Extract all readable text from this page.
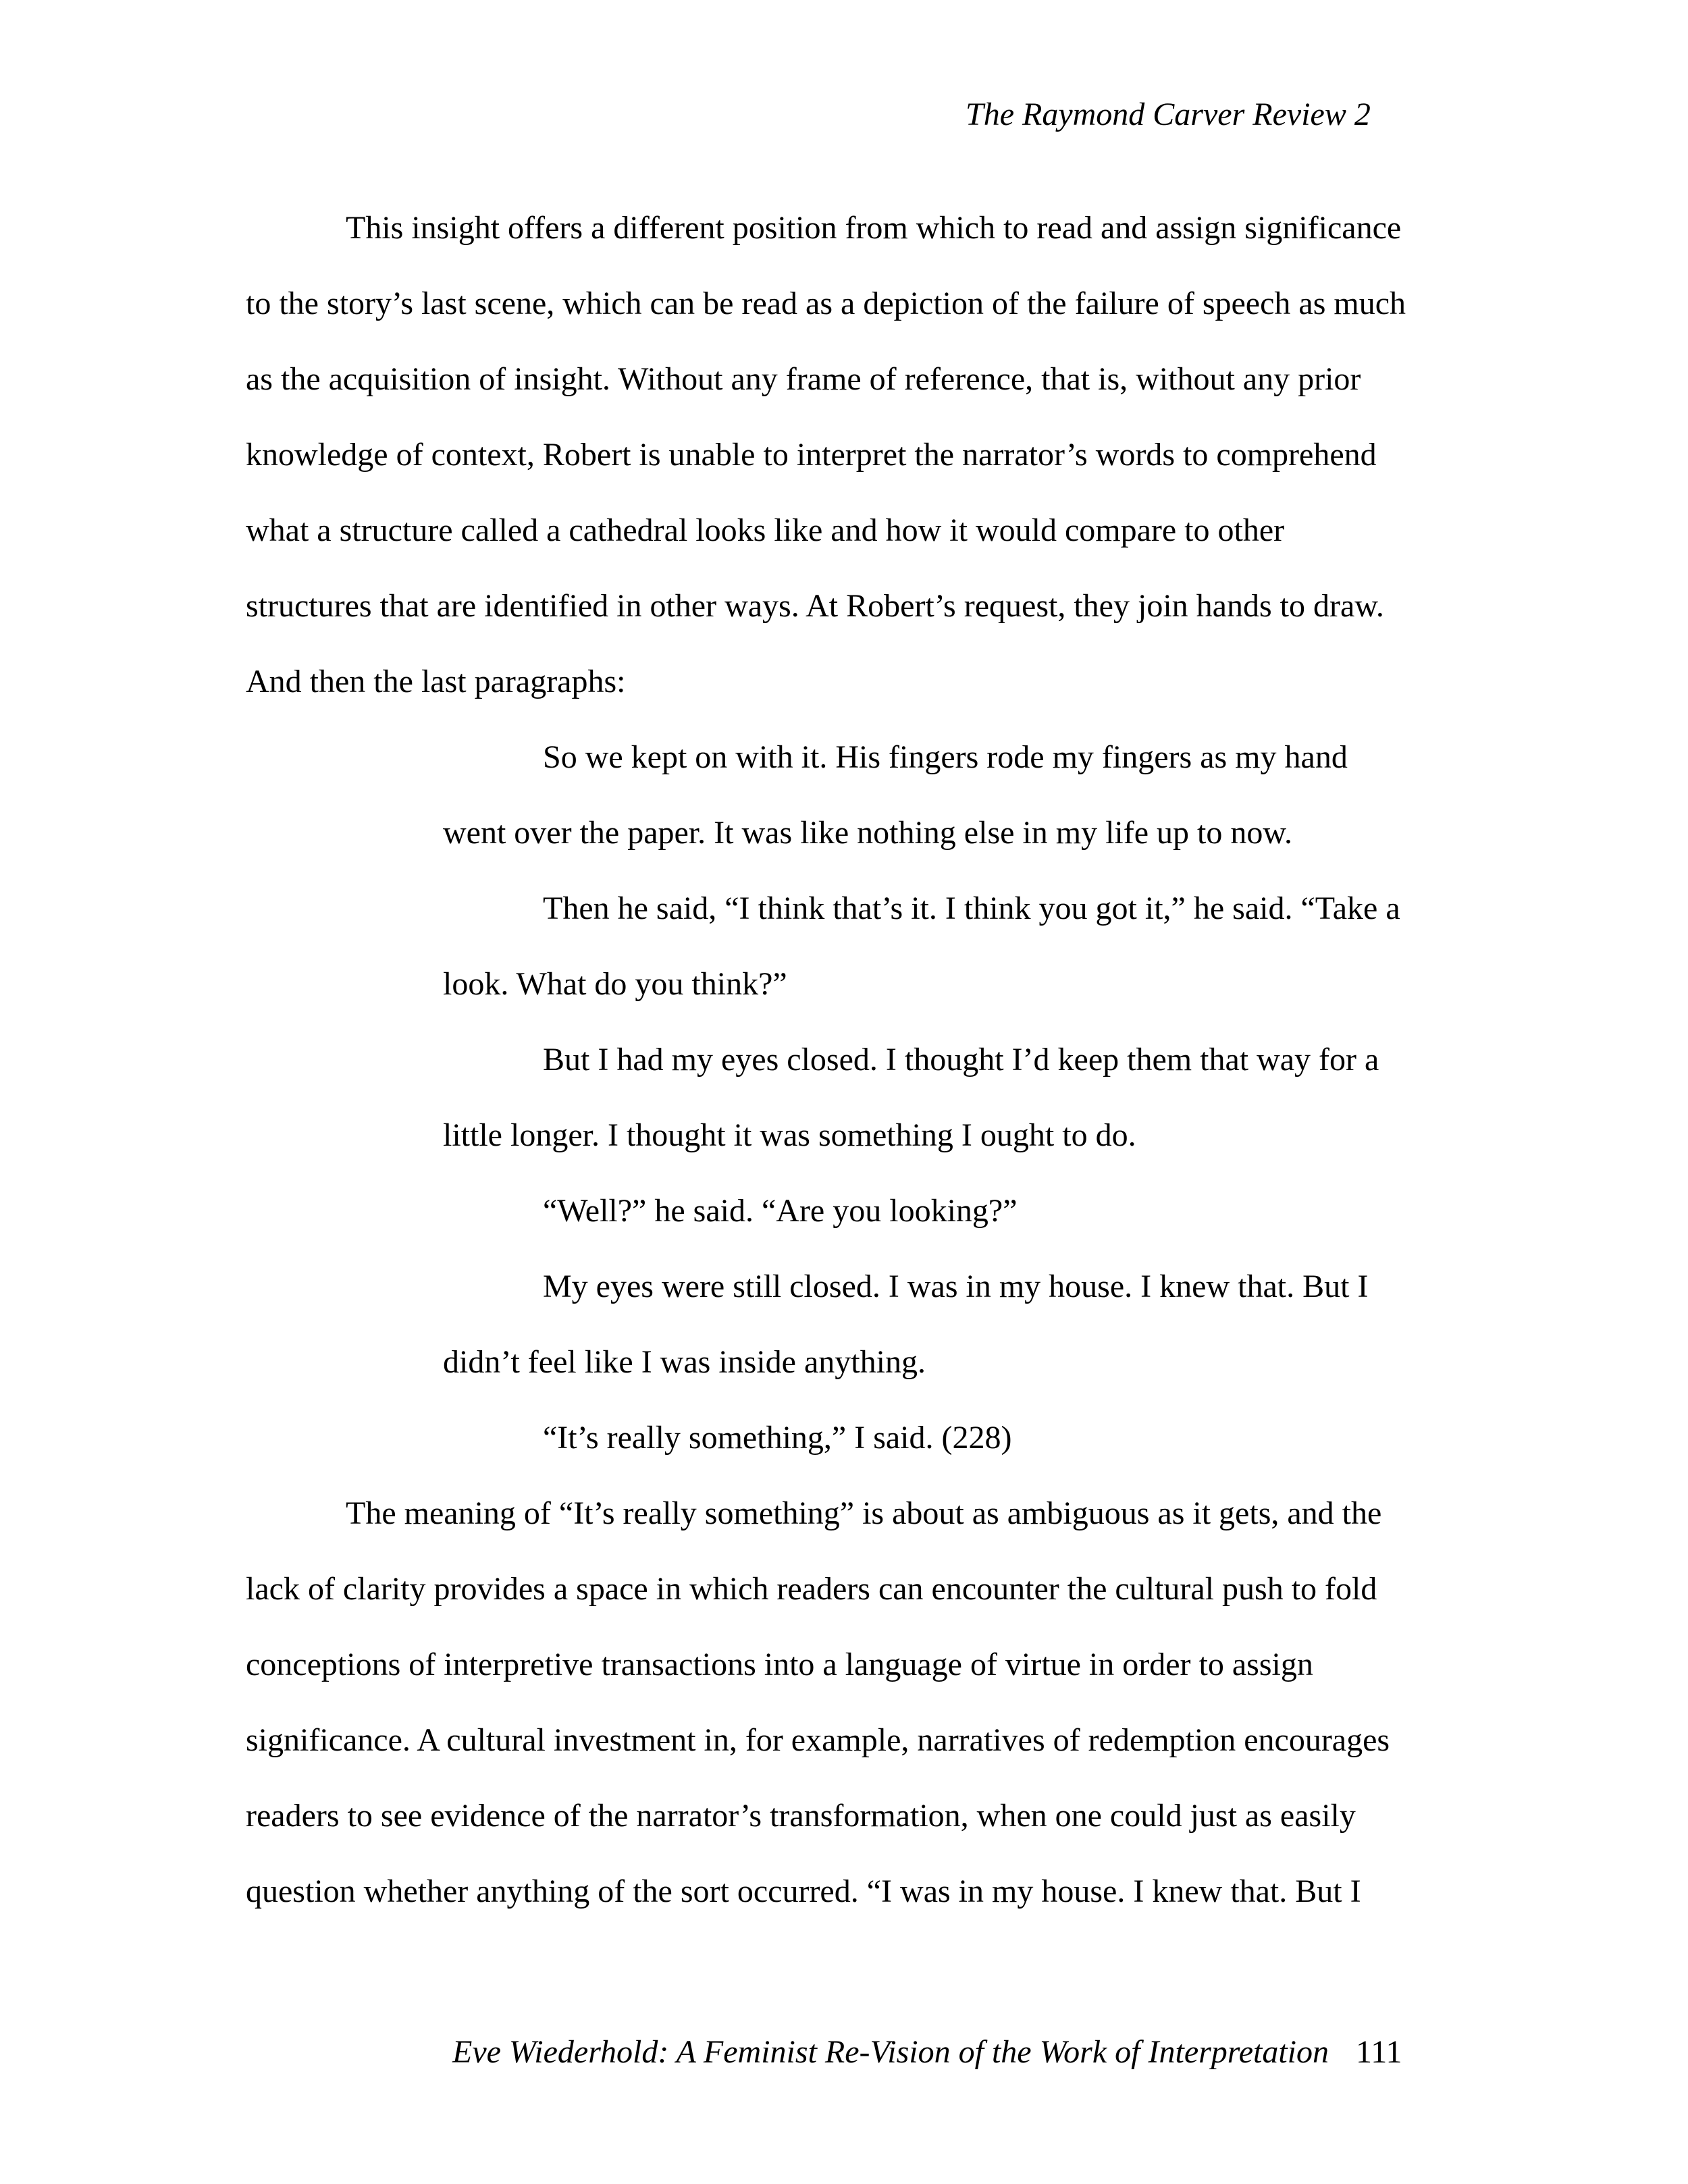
The Raymond Carver Review 2

This insight offers a different position from which to read and assign significance

to the story’s last scene, which can be read as a depiction of the failure of speech as much

as the acquisition of insight. Without any frame of reference, that is, without any prior

knowledge of context, Robert is unable to interpret the narrator’s words to comprehend

what a structure called a cathedral looks like and how it would compare to other

structures that are identified in other ways. At Robert’s request, they join hands to draw.

And then the last paragraphs:

So we kept on with it. His fingers rode my fingers as my hand

went over the paper. It was like nothing else in my life up to now.

Then he said, “I think that’s it. I think you got it,” he said. “Take a

look. What do you think?”

But I had my eyes closed. I thought I’d keep them that way for a

little longer. I thought it was something I ought to do.

“Well?” he said. “Are you looking?”

My eyes were still closed. I was in my house. I knew that. But I

didn’t feel like I was inside anything.

“It’s really something,” I said. (228)

The meaning of “It’s really something” is about as ambiguous as it gets, and the

lack of clarity provides a space in which readers can encounter the cultural push to fold

conceptions of interpretive transactions into a language of virtue in order to assign

significance. A cultural investment in, for example, narratives of redemption encourages

readers to see evidence of the narrator’s transformation, when one could just as easily

question whether anything of the sort occurred. “I was in my house. I knew that. But I

Eve Wiederhold: A Feminist Re-Vision of the Work of Interpretation 111
